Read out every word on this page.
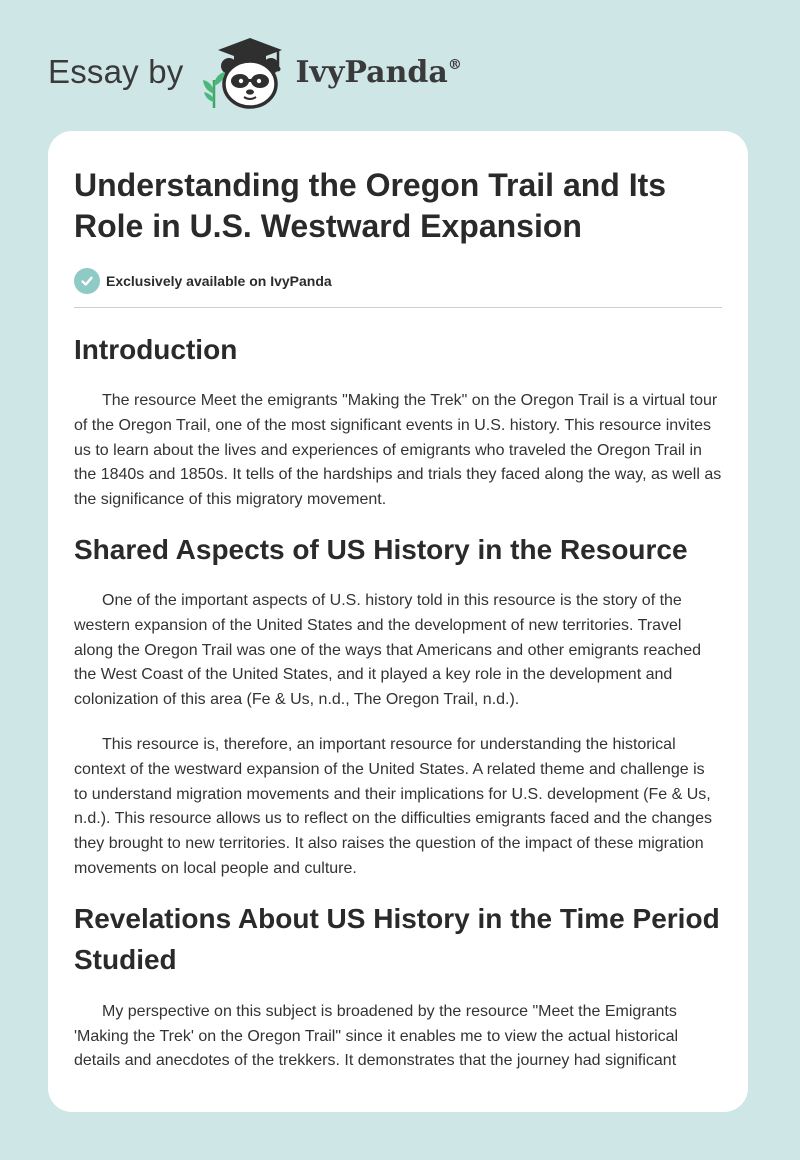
Essay by	IvyPanda®
Understanding the Oregon Trail and Its Role in U.S. Westward Expansion
Exclusively available on IvyPanda
Introduction

The resource Meet the emigrants "Making the Trek" on the Oregon Trail is a virtual tour of the Oregon Trail, one of the most significant events in U.S. history. This resource invites us to learn about the lives and experiences of emigrants who traveled the Oregon Trail in the 1840s and 1850s. It tells of the hardships and trials they faced along the way, as well as the significance of this migratory movement.

Shared Aspects of US History in the Resource

One of the important aspects of U.S. history told in this resource is the story of the western expansion of the United States and the development of new territories. Travel along the Oregon Trail was one of the ways that Americans and other emigrants reached the West Coast of the United States, and it played a key role in the development and colonization of this area (Fe & Us, n.d., The Oregon Trail, n.d.).

This resource is, therefore, an important resource for understanding the historical context of the westward expansion of the United States. A related theme and challenge is to understand migration movements and their implications for U.S. development (Fe & Us, n.d.). This resource allows us to reflect on the difficulties emigrants faced and the changes they brought to new territories. It also raises the question of the impact of these migration movements on local people and culture.

Revelations About US History in the Time Period Studied

My perspective on this subject is broadened by the resource "Meet the Emigrants 'Making the Trek' on the Oregon Trail" since it enables me to view the actual historical details and anecdotes of the trekkers. It demonstrates that the journey had significant
